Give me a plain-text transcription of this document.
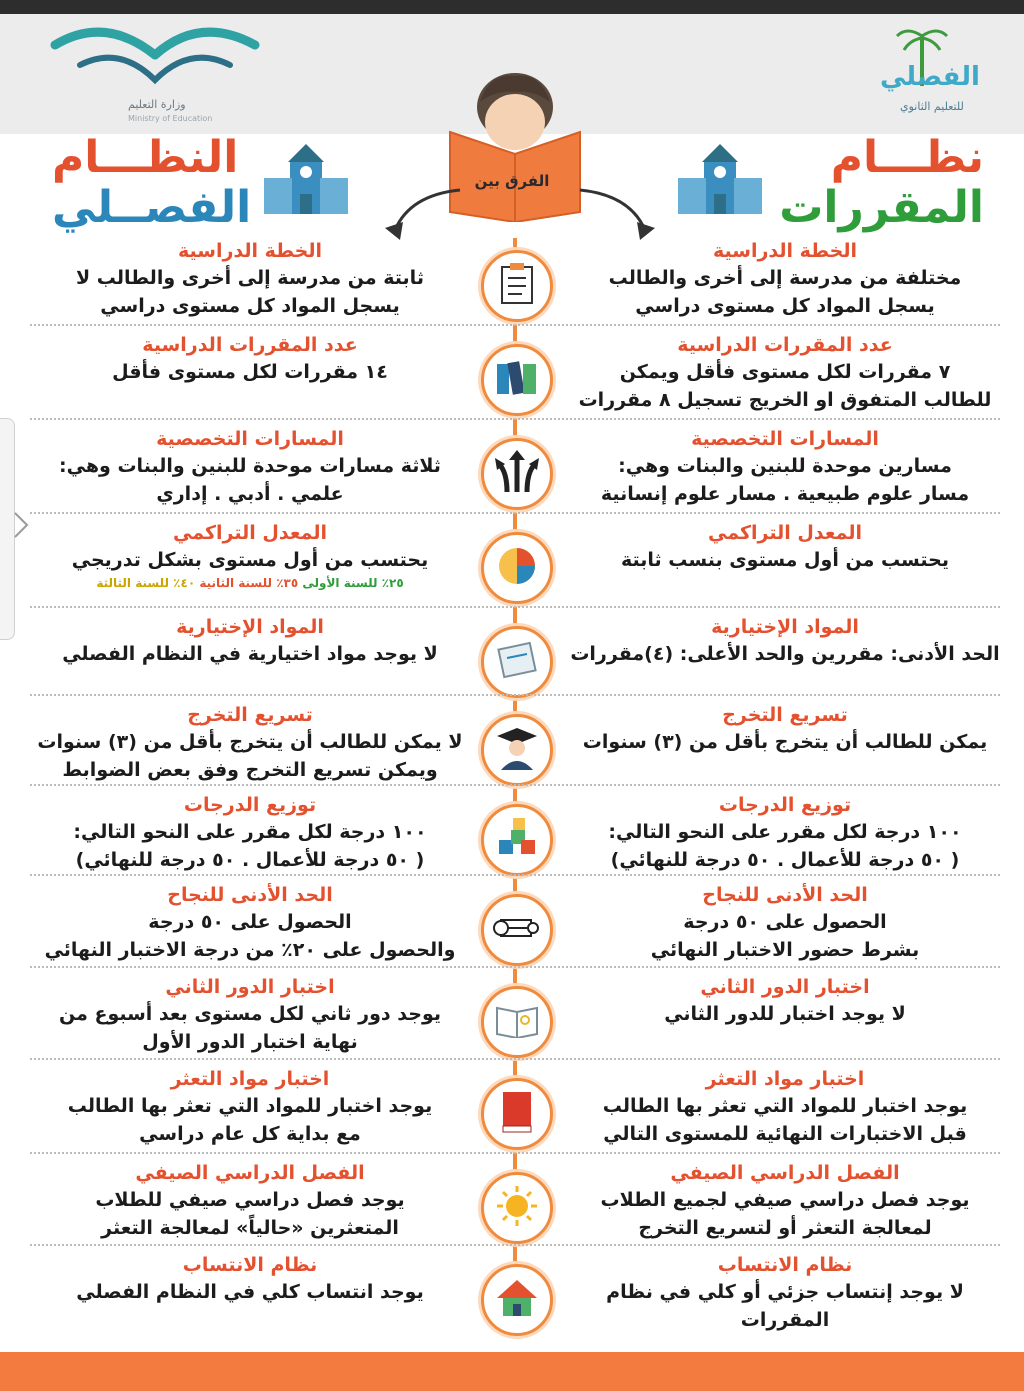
وزارة التعليم
Ministry of Education
الفصلي
للتعليم الثانوي
الفرق بين	نظـــام
المقررات
النظـــام
الفصــلي
الخطة الدراسية
مختلفة من مدرسة إلى أخرى والطالب
يسجل المواد كل مستوى دراسي
الخطة الدراسية
ثابتة من مدرسة إلى أخرى والطالب لا
يسجل المواد كل مستوى دراسي
عدد المقررات الدراسية
٧ مقررات لكل مستوى فأقل ويمكن
للطالب المتفوق او الخريج تسجيل ٨ مقررات
عدد المقررات الدراسية
١٤ مقررات لكل مستوى فأقل
المسارات التخصصية
مسارين موحدة للبنين والبنات وهي:
مسار علوم طبيعية . مسار علوم إنسانية
المسارات التخصصية
ثلاثة مسارات موحدة للبنين والبنات وهي:
علمي . أدبي . إداري
المعدل التراكمي
يحتسب من أول مستوى بنسب ثابتة
المعدل التراكمي
يحتسب من أول مستوى بشكل تدريجي
٢٥٪ للسنة الأولى ٣٥٪ للسنة الثانية ٤٠٪ للسنة الثالثة
المواد الإختيارية
الحد الأدنى: مقررين والحد الأعلى: (٤)مقررات
المواد الإختيارية
لا يوجد مواد اختيارية في النظام الفصلي
تسريع التخرج
يمكن للطالب أن يتخرج بأقل من (٣) سنوات
تسريع التخرج
لا يمكن للطالب أن يتخرج بأقل من (٣) سنوات
ويمكن تسريع التخرج وفق بعض الضوابط
توزيع الدرجات
١٠٠ درجة لكل مقرر على النحو التالي:
( ٥٠ درجة للأعمال . ٥٠ درجة للنهائي)
توزيع الدرجات
١٠٠ درجة لكل مقرر على النحو التالي:
( ٥٠ درجة للأعمال . ٥٠ درجة للنهائي)
الحد الأدنى للنجاح
الحصول على ٥٠ درجة
بشرط حضور الاختبار النهائي
الحد الأدنى للنجاح
الحصول على ٥٠ درجة
والحصول على ٢٠٪ من درجة الاختبار النهائي
اختبار الدور الثاني
لا يوجد اختبار للدور الثاني
اختبار الدور الثاني
يوجد دور ثاني لكل مستوى بعد أسبوع من
نهاية اختبار الدور الأول
اختبار مواد التعثر
يوجد اختبار للمواد التي تعثر بها الطالب
قبل الاختبارات النهائية للمستوى التالي
اختبار مواد التعثر
يوجد اختبار للمواد التي تعثر بها الطالب
مع بداية كل عام دراسي
الفصل الدراسي الصيفي
يوجد فصل دراسي صيفي لجميع الطلاب
لمعالجة التعثر أو لتسريع التخرج
الفصل الدراسي الصيفي
يوجد فصل دراسي صيفي للطلاب
المتعثرين «حالياً» لمعالجة التعثر
نظام الانتساب
لا يوجد إنتساب جزئي أو كلي في نظام
المقررات
نظام الانتساب
يوجد انتساب كلي في النظام الفصلي
